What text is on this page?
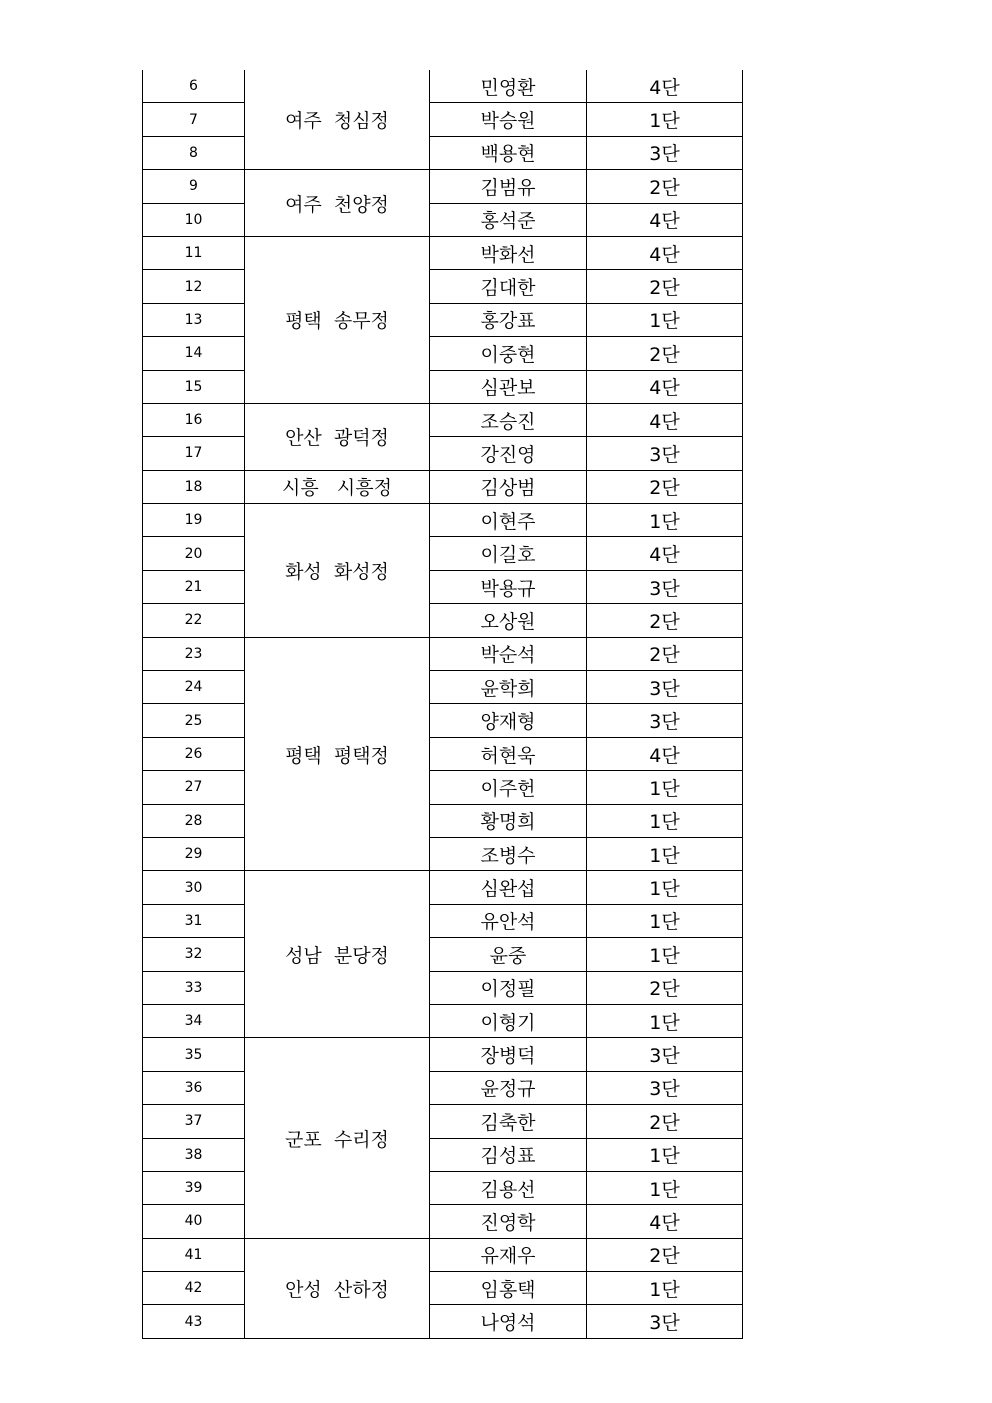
6	여주  청심정	민영환	4단
7		박승원	1단
8		백용현	3단
9	여주  천양정	김범유	2단
10		홍석준	4단
11	평택  송무정	박화선	4단
12		김대한	2단
13		홍강표	1단
14		이중현	2단
15		심관보	4단
16	안산  광덕정	조승진	4단
17		강진영	3단
18	시흥   시흥정	김상범	2단
19	화성  화성정	이현주	1단
20		이길호	4단
21		박용규	3단
22		오상원	2단
23	평택  평택정	박순석	2단
24		윤학희	3단
25		양재형	3단
26		허현욱	4단
27		이주헌	1단
28		황명희	1단
29		조병수	1단
30	성남  분당정	심완섭	1단
31		유안석	1단
32		윤중	1단
33		이정필	2단
34		이형기	1단
35	군포  수리정	장병덕	3단
36		윤정규	3단
37		김축한	2단
38		김성표	1단
39		김용선	1단
40		진영학	4단
41	안성  산하정	유재우	2단
42		임홍택	1단
43		나영석	3단
